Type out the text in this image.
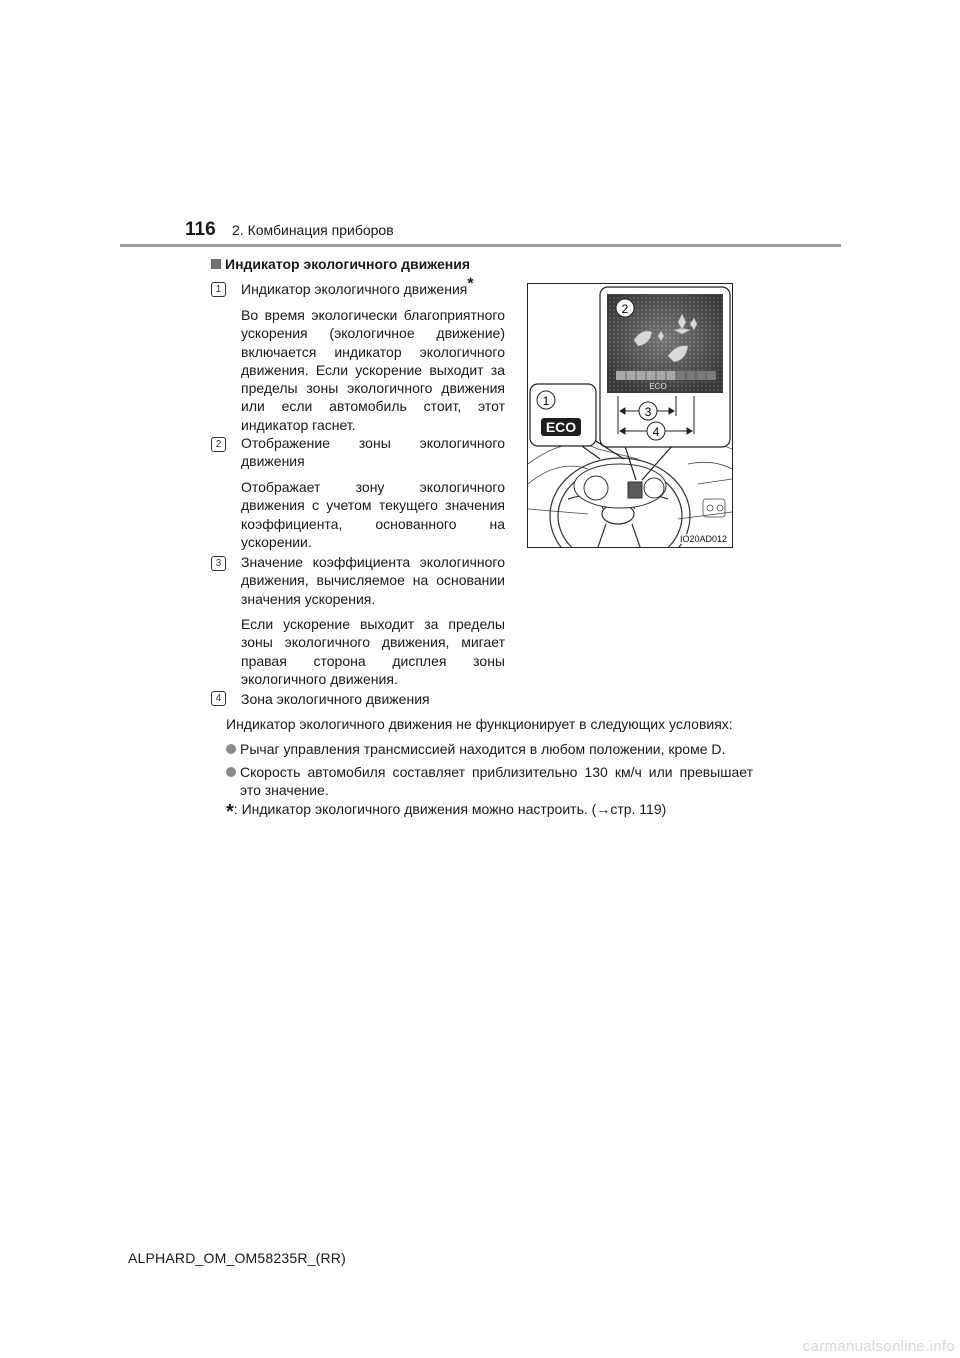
116 2. Комбинация приборов
Индикатор экологичного движения
1	Индикатор экологичного движения*
Во время экологически благоприятного ускорения (экологичное движение) включается индикатор экологичного движения. Если ускорение выходит за пределы зоны экологичного движения или если автомобиль стоит, этот индикатор гаснет.
2	Отображение зоны экологичного движения
Отображает зону экологичного движения с учетом текущего значения коэффициента, основанного на ускорении.
3	Значение коэффициента экологичного движения, вычисляемое на основании значения ускорения.
Если ускорение выходит за пределы зоны экологичного движения, мигает правая сторона дисплея зоны экологичного движения.
4	Зона экологичного движения
Индикатор экологичного движения не функционирует в следующих условиях:
Рычаг управления трансмиссией находится в любом положении, кроме D.
Скорость автомобиля составляет приблизительно 130 км/ч или превышает это значение.
*: Индикатор экологичного движения можно настроить. (→стр. 119)
ECO
1
ECO
2
3
4
IO20AD012
ALPHARD_OM_OM58235R_(RR)
carmanualsonline.info
